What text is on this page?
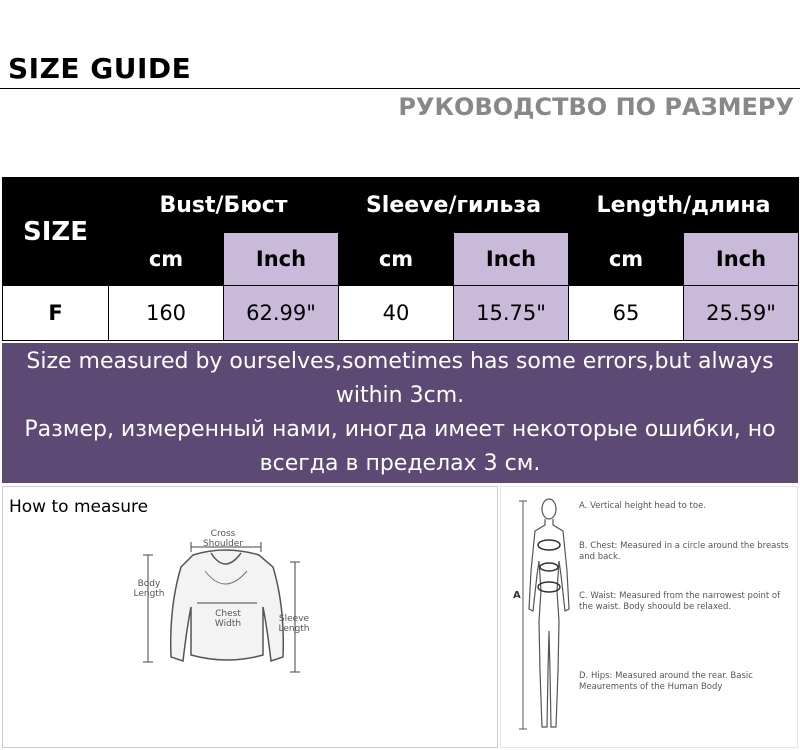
SIZE GUIDE
РУКОВОДСТВО ПО РАЗМЕРУ
SIZE	Bust/Бюст		Sleeve/гильза		Length/длина	
	cm	Inch	cm	Inch	cm	Inch
F	160	62.99"	40	15.75"	65	25.59"

Size measured by ourselves,sometimes has some errors,but always within 3cm.

Размер, измеренный нами, иногда имеет некоторые ошибки, но всегда в пределах 3 см.

How to measure

Cross Shoulder
Body Length
Chest Width	Sleeve Length
A
A. Vertical height head to toe.
B. Chest: Measured in a circle around the breasts and back.
C. Waist: Measured from the narrowest point of the waist. Body shoould be relaxed.
D. Hips: Measured around the rear. Basic Meaurements of the Human Body
